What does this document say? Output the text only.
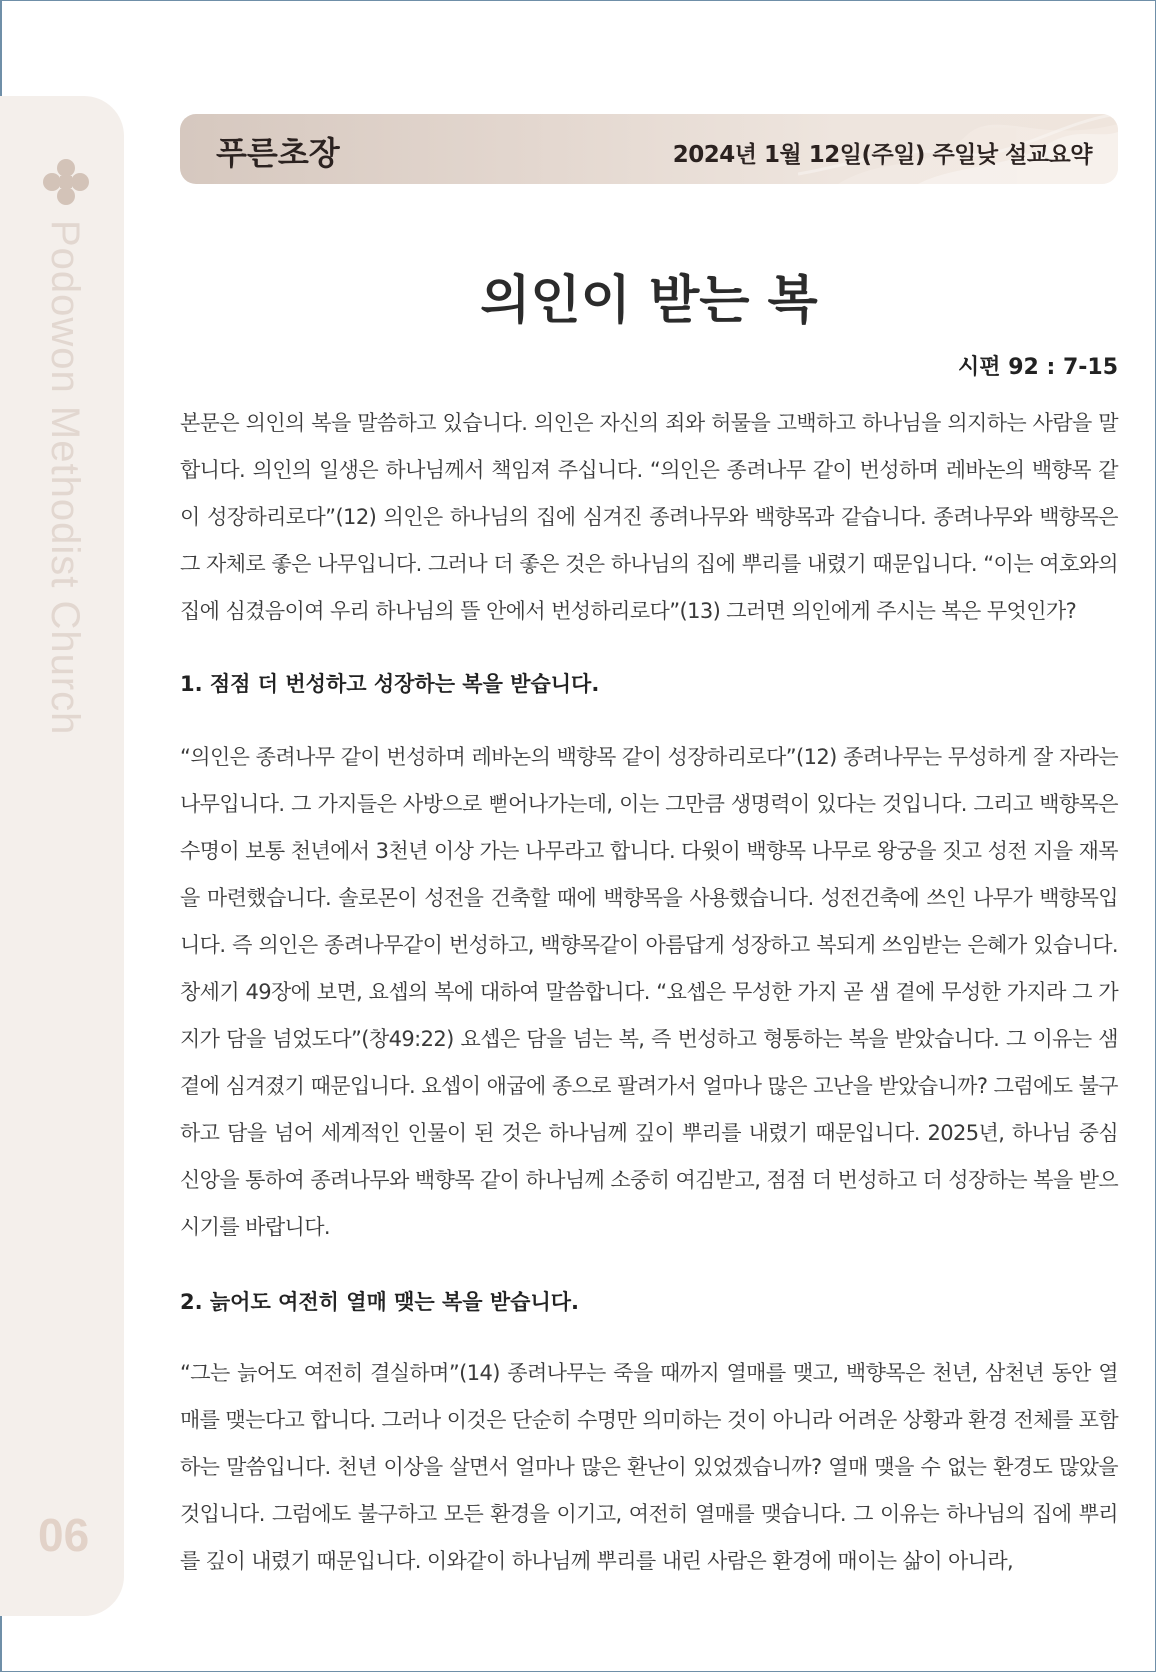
Podowon Methodist Church
06
푸른초장	2024년 1월 12일(주일) 주일낮 설교요약
의인이 받는 복
시편 92 : 7-15

본문은 의인의 복을 말씀하고 있습니다. 의인은 자신의 죄와 허물을 고백하고 하나님을 의지하는 사람을 말합니다. 의인의 일생은 하나님께서 책임져 주십니다. “의인은 종려나무 같이 번성하며 레바논의 백향목 같이 성장하리로다”(12) 의인은 하나님의 집에 심겨진 종려나무와 백향목과 같습니다. 종려나무와 백향목은 그 자체로 좋은 나무입니다. 그러나 더 좋은 것은 하나님의 집에 뿌리를 내렸기 때문입니다. “이는 여호와의 집에 심겼음이여 우리 하나님의 뜰 안에서 번성하리로다”(13) 그러면 의인에게 주시는 복은 무엇인가?

1. 점점 더 번성하고 성장하는 복을 받습니다.

“의인은 종려나무 같이 번성하며 레바논의 백향목 같이 성장하리로다”(12) 종려나무는 무성하게 잘 자라는 나무입니다. 그 가지들은 사방으로 뻗어나가는데, 이는 그만큼 생명력이 있다는 것입니다. 그리고 백향목은 수명이 보통 천년에서 3천년 이상 가는 나무라고 합니다. 다윗이 백향목 나무로 왕궁을 짓고 성전 지을 재목을 마련했습니다. 솔로몬이 성전을 건축할 때에 백향목을 사용했습니다. 성전건축에 쓰인 나무가 백향목입니다. 즉 의인은 종려나무같이 번성하고, 백향목같이 아름답게 성장하고 복되게 쓰임받는 은혜가 있습니다. 창세기 49장에 보면, 요셉의 복에 대하여 말씀합니다. “요셉은 무성한 가지 곧 샘 곁에 무성한 가지라 그 가지가 담을 넘었도다”(창49:22) 요셉은 담을 넘는 복, 즉 번성하고 형통하는 복을 받았습니다. 그 이유는 샘곁에 심겨졌기 때문입니다. 요셉이 애굽에 종으로 팔려가서 얼마나 많은 고난을 받았습니까? 그럼에도 불구하고 담을 넘어 세계적인 인물이 된 것은 하나님께 깊이 뿌리를 내렸기 때문입니다. 2025년, 하나님 중심 신앙을 통하여 종려나무와 백향목 같이 하나님께 소중히 여김받고, 점점 더 번성하고 더 성장하는 복을 받으시기를 바랍니다.

2. 늙어도 여전히 열매 맺는 복을 받습니다.

“그는 늙어도 여전히 결실하며”(14) 종려나무는 죽을 때까지 열매를 맺고, 백향목은 천년, 삼천년 동안 열매를 맺는다고 합니다. 그러나 이것은 단순히 수명만 의미하는 것이 아니라 어려운 상황과 환경 전체를 포함하는 말씀입니다. 천년 이상을 살면서 얼마나 많은 환난이 있었겠습니까? 열매 맺을 수 없는 환경도 많았을 것입니다. 그럼에도 불구하고 모든 환경을 이기고, 여전히 열매를 맺습니다. 그 이유는 하나님의 집에 뿌리를 깊이 내렸기 때문입니다. 이와같이 하나님께 뿌리를 내린 사람은 환경에 매이는 삶이 아니라,
